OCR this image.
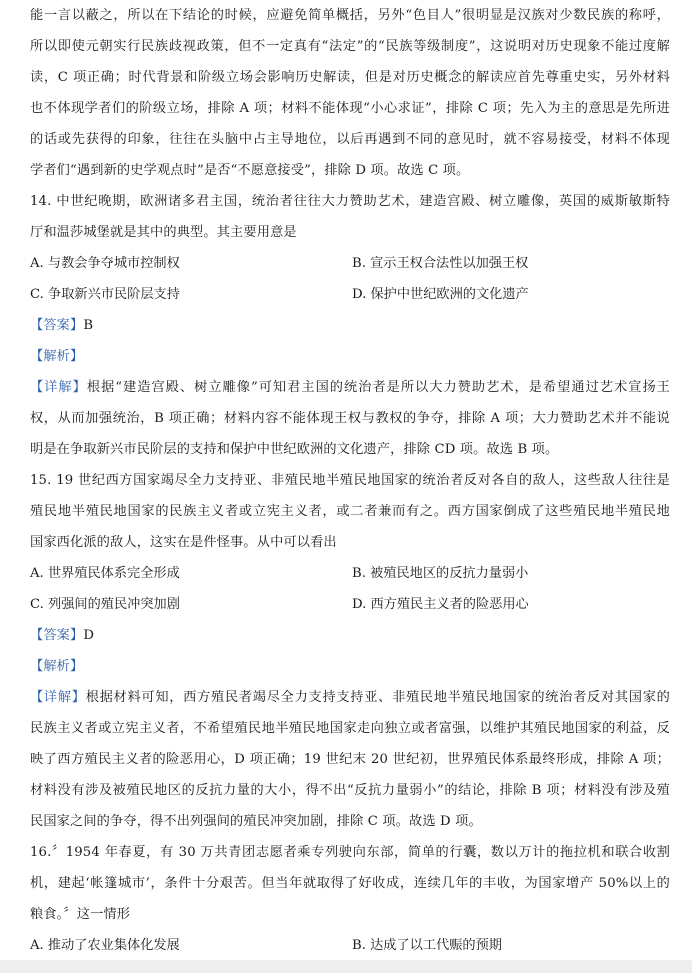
能一言以蔽之，所以在下结论的时候，应避免简单概括，另外“色目人”很明显是汉族对少数民族的称呼，
所以即使元朝实行民族歧视政策，但不一定真有“法定”的“民族等级制度”，这说明对历史现象不能过度解
读，C 项正确；时代背景和阶级立场会影响历史解读，但是对历史概念的解读应首先尊重史实，另外材料
也不体现学者们的阶级立场，排除 A 项；材料不能体现“小心求证”，排除 C 项；先入为主的意思是先所进
的话或先获得的印象，往往在头脑中占主导地位，以后再遇到不同的意见时，就不容易接受，材料不体现
学者们“遇到新的史学观点时”是否“不愿意接受”，排除 D 项。故选 C 项。
14. 中世纪晚期，欧洲诸多君主国，统治者往往大力赞助艺术，建造宫殿、树立雕像，英国的威斯敏斯特
厅和温莎城堡就是其中的典型。其主要用意是
A. 与教会争夺城市控制权	B. 宣示王权合法性以加强王权
C. 争取新兴市民阶层支持	D. 保护中世纪欧洲的文化遗产
【答案】B
【解析】
【详解】根据“建造宫殿、树立雕像”可知君主国的统治者是所以大力赞助艺术，是希望通过艺术宣扬王
权，从而加强统治，B 项正确；材料内容不能体现王权与教权的争夺，排除 A 项；大力赞助艺术并不能说
明是在争取新兴市民阶层的支持和保护中世纪欧洲的文化遗产，排除 CD 项。故选 B 项。
15. 19 世纪西方国家竭尽全力支持亚、非殖民地半殖民地国家的统治者反对各自的敌人，这些敌人往往是
殖民地半殖民地国家的民族主义者或立宪主义者，或二者兼而有之。西方国家倒成了这些殖民地半殖民地
国家西化派的敌人，这实在是件怪事。从中可以看出
A. 世界殖民体系完全形成	B. 被殖民地区的反抗力量弱小
C. 列强间的殖民冲突加剧	D. 西方殖民主义者的险恶用心
【答案】D
【解析】
【详解】根据材料可知，西方殖民者竭尽全力支持支持亚、非殖民地半殖民地国家的统治者反对其国家的
民族主义者或立宪主义者，不希望殖民地半殖民地国家走向独立或者富强，以维护其殖民地国家的利益，反
映了西方殖民主义者的险恶用心，D 项正确；19 世纪末 20 世纪初，世界殖民体系最终形成，排除 A 项；
材料没有涉及被殖民地区的反抗力量的大小，得不出“反抗力量弱小”的结论，排除 B 项；材料没有涉及殖
民国家之间的争夺，得不出列强间的殖民冲突加剧，排除 C 项。故选 D 项。
16.〞1954 年春夏，有 30 万共青团志愿者乘专列驶向东部，简单的行囊，数以万计的拖拉机和联合收割
机，建起‘帐篷城市’，条件十分艰苦。但当年就取得了好收成，连续几年的丰收，为国家增产 50%以上的
粮食。〞这一情形
A. 推动了农业集体化发展	B. 达成了以工代赈的预期
